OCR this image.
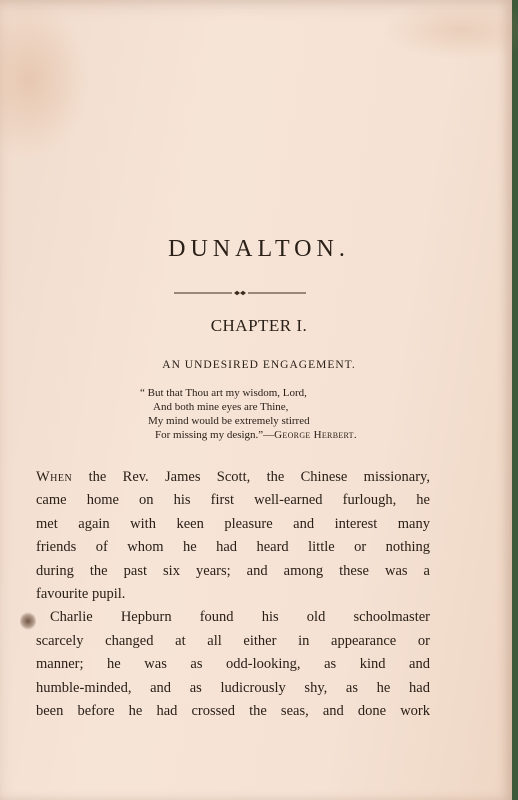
DUNALTON.
CHAPTER I.

AN UNDESIRED ENGAGEMENT.

“ But that Thou art my wisdom, Lord,
And both mine eyes are Thine,
My mind would be extremely stirred
For missing my design.”—George Herbert.
When the Rev. James Scott, the Chinese missionary,
came home on his first well-earned furlough, he
met again with keen pleasure and interest many
friends of whom he had heard little or nothing
during the past six years; and among these was a
favourite pupil.
Charlie Hepburn found his old schoolmaster
scarcely changed at all either in appearance or
manner; he was as odd-looking, as kind and
humble-minded, and as ludicrously shy, as he had
been before he had crossed the seas, and done work
